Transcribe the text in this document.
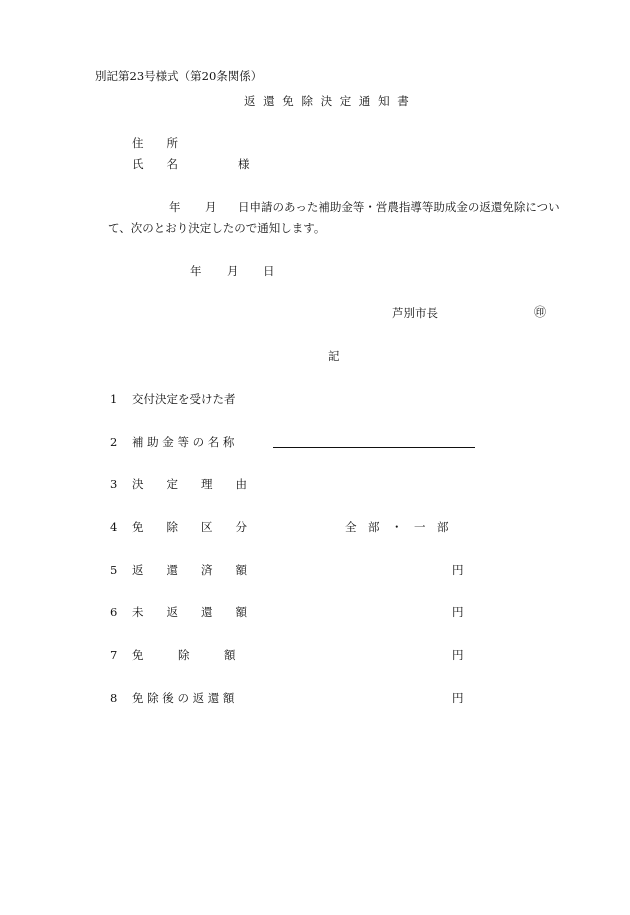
別記第23号様式（第20条関係）
返 還 免 除 決 定 通 知 書
住　　所
氏　　名	様
年 月 日申請のあった補助金等・営農指導等助成金の返還免除につい
て、次のとおり決定したので通知します。
年 月 日
芦別市長	㊞
記
1 交付決定を受けた者
2 補 助 金 等 の 名 称
3 決　　定　　理　　由
4 免　　除　　区　　分	全　部　・　一　部
5 返　　還　　済　　額	円
6 未　　返　　還　　額	円
7 免　　　除　　　額	円
8 免 除 後 の 返 還 額	円
